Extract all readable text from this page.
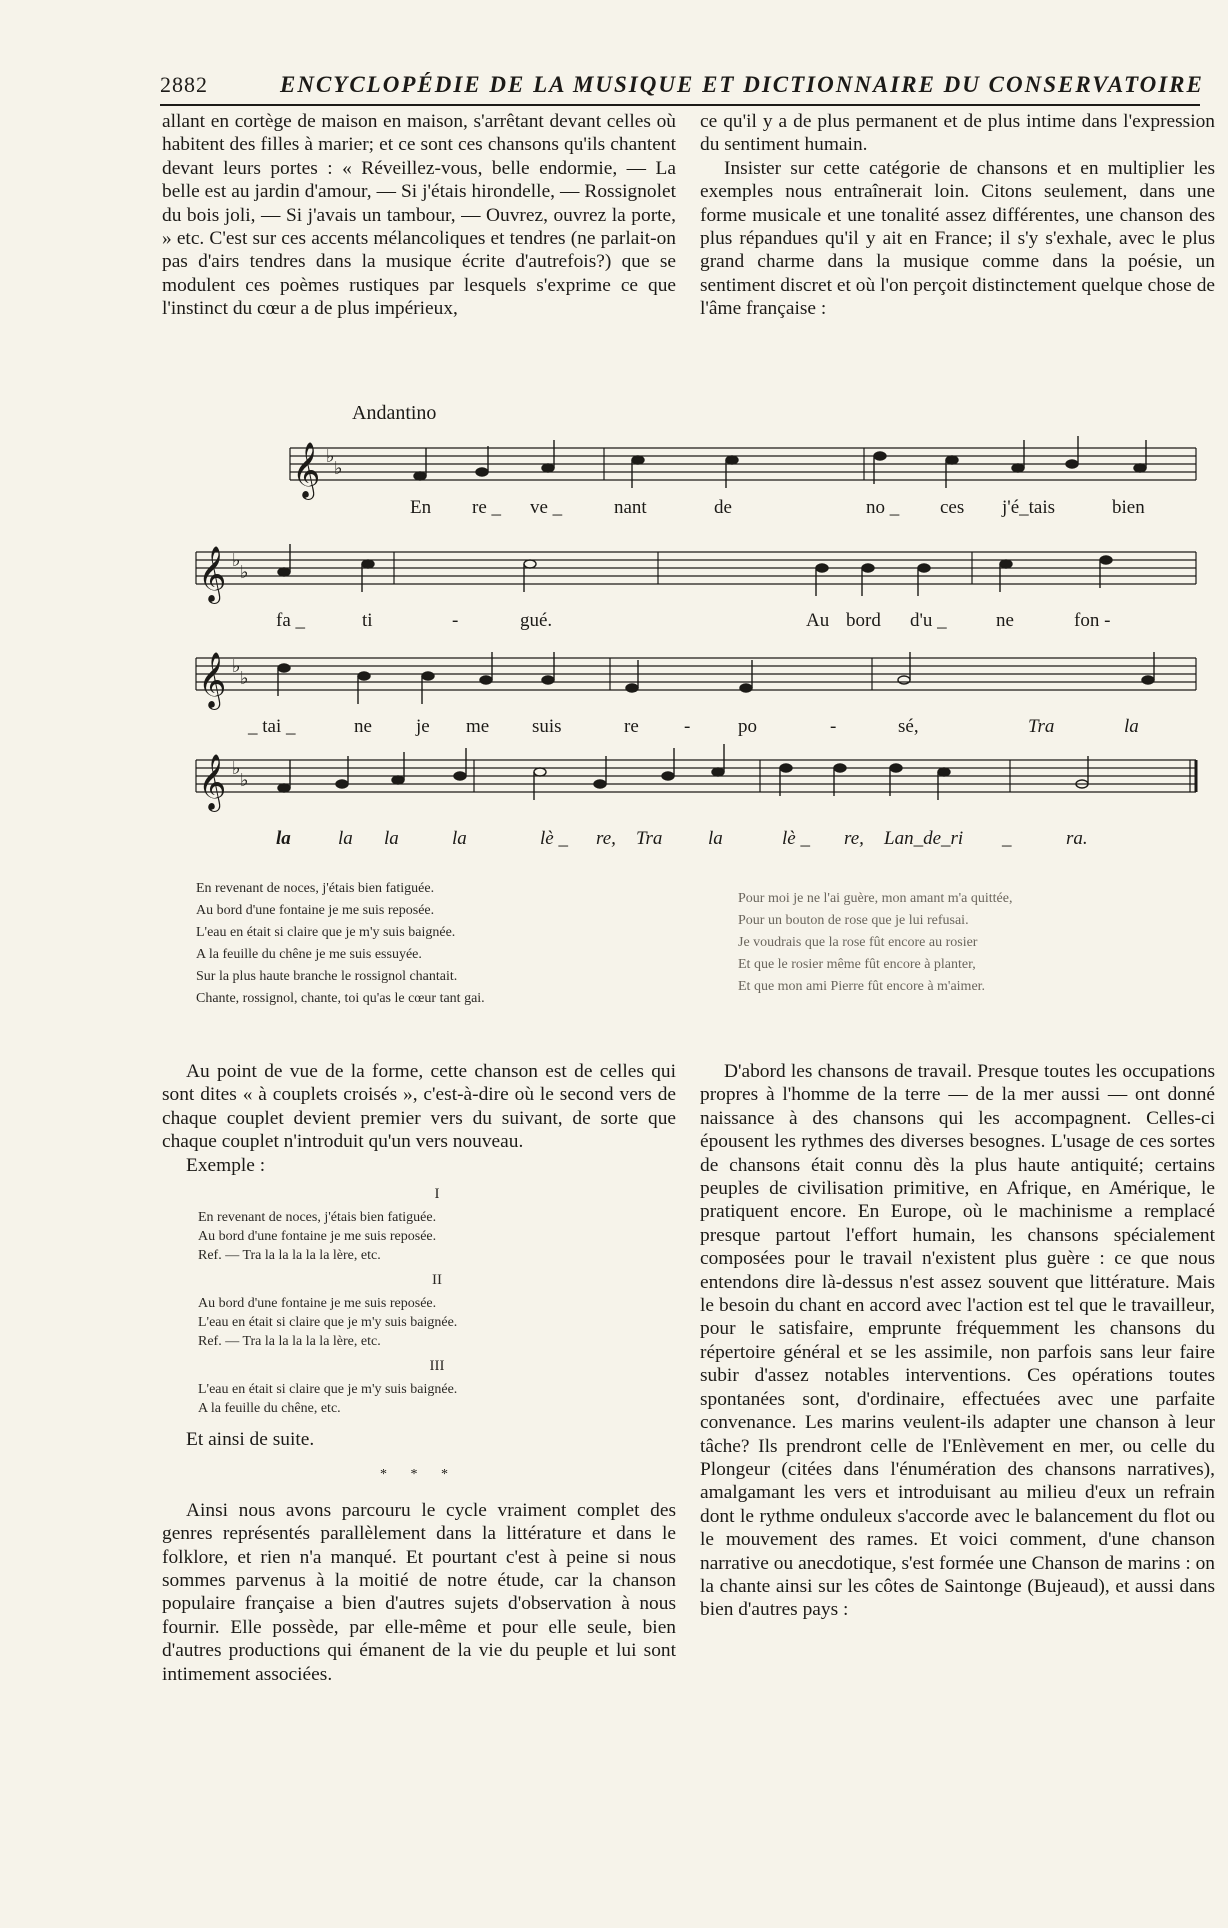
2882	ENCYCLOPÉDIE DE LA MUSIQUE ET DICTIONNAIRE DU CONSERVATOIRE

allant en cortège de maison en maison, s'arrêtant devant celles où habitent des filles à marier; et ce sont ces chansons qu'ils chantent devant leurs portes : « Réveillez-vous, belle endormie, — La belle est au jardin d'amour, — Si j'étais hirondelle, — Rossignolet du bois joli, — Si j'avais un tambour, — Ouvrez, ouvrez la porte, » etc. C'est sur ces accents mélancoliques et tendres (ne parlait-on pas d'airs tendres dans la musique écrite d'autrefois?) que se modulent ces poèmes rustiques par lesquels s'exprime ce que l'instinct du cœur a de plus impérieux,

ce qu'il y a de plus permanent et de plus intime dans l'expression du sentiment humain.

Insister sur cette catégorie de chansons et en multiplier les exemples nous entraînerait loin. Citons seulement, dans une forme musicale et une tonalité assez différentes, une chanson des plus répandues qu'il y ait en France; il s'y s'exhale, avec le plus grand charme dans la musique comme dans la poésie, un sentiment discret et où l'on perçoit distinctement quelque chose de l'âme française :

Andantino
𝄞
𝄞
𝄞
𝄞
♭
♭
♭
♭
♭
♭
♭
♭
En re _ ve _	nant	de	no _ ces j'é_tais	bien
fa _	ti	-	gué.	Au bord d'u _	ne	fon -
_ tai _	ne je me suis	re -	po	-	sé,	Tra	la
la la la	la	lè _ re, Tra la	lè _ re, Lan_de_ri _	ra.
En revenant de noces, j'étais bien fatiguée.
Au bord d'une fontaine je me suis reposée.
L'eau en était si claire que je m'y suis baignée.
A la feuille du chêne je me suis essuyée.
Sur la plus haute branche le rossignol chantait.
Chante, rossignol, chante, toi qu'as le cœur tant gai.
Pour moi je ne l'ai guère, mon amant m'a quittée,
Pour un bouton de rose que je lui refusai.
Je voudrais que la rose fût encore au rosier
Et que le rosier même fût encore à planter,
Et que mon ami Pierre fût encore à m'aimer.

Au point de vue de la forme, cette chanson est de celles qui sont dites « à couplets croisés », c'est-à-dire où le second vers de chaque couplet devient premier vers du suivant, de sorte que chaque couplet n'introduit qu'un vers nouveau.

Exemple :

I
En revenant de noces, j'étais bien fatiguée.
Au bord d'une fontaine je me suis reposée.
Ref. — Tra la la la la la lère, etc.
II
Au bord d'une fontaine je me suis reposée.
L'eau en était si claire que je m'y suis baignée.
Ref. — Tra la la la la la lère, etc.
III
L'eau en était si claire que je m'y suis baignée.
A la feuille du chêne, etc.

Et ainsi de suite.

* * *

Ainsi nous avons parcouru le cycle vraiment complet des genres représentés parallèlement dans la littérature et dans le folklore, et rien n'a manqué. Et pourtant c'est à peine si nous sommes parvenus à la moitié de notre étude, car la chanson populaire française a bien d'autres sujets d'observation à nous fournir. Elle possède, par elle-même et pour elle seule, bien d'autres productions qui émanent de la vie du peuple et lui sont intimement associées.

D'abord les chansons de travail. Presque toutes les occupations propres à l'homme de la terre — de la mer aussi — ont donné naissance à des chansons qui les accompagnent. Celles-ci épousent les rythmes des diverses besognes. L'usage de ces sortes de chansons était connu dès la plus haute antiquité; certains peuples de civilisation primitive, en Afrique, en Amérique, le pratiquent encore. En Europe, où le machinisme a remplacé presque partout l'effort humain, les chansons spécialement composées pour le travail n'existent plus guère : ce que nous entendons dire là-dessus n'est assez souvent que littérature. Mais le besoin du chant en accord avec l'action est tel que le travailleur, pour le satisfaire, emprunte fréquemment les chansons du répertoire général et se les assimile, non parfois sans leur faire subir d'assez notables interventions. Ces opérations toutes spontanées sont, d'ordinaire, effectuées avec une parfaite convenance. Les marins veulent-ils adapter une chanson à leur tâche? Ils prendront celle de l'Enlèvement en mer, ou celle du Plongeur (citées dans l'énumération des chansons narratives), amalgamant les vers et introduisant au milieu d'eux un refrain dont le rythme onduleux s'accorde avec le balancement du flot ou le mouvement des rames. Et voici comment, d'une chanson narrative ou anecdotique, s'est formée une Chanson de marins : on la chante ainsi sur les côtes de Saintonge (Bujeaud), et aussi dans bien d'autres pays :
